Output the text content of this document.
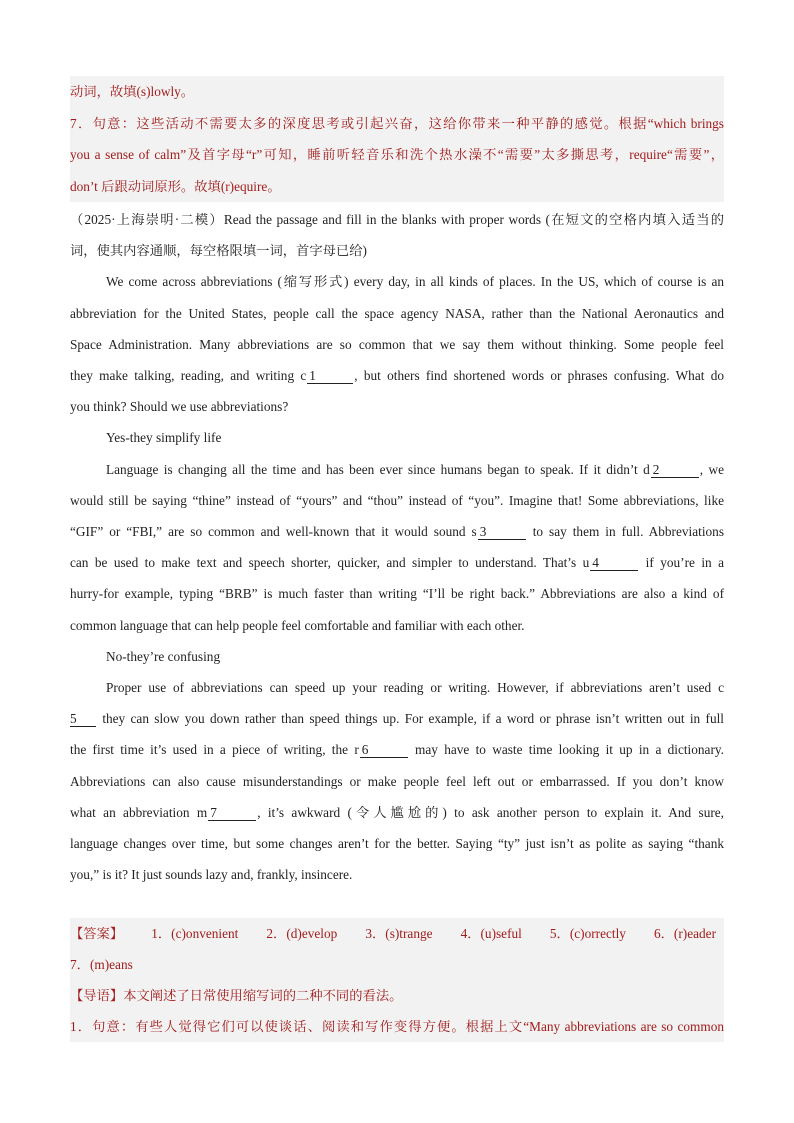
动词，故填(s)lowly。
7．句意：这些活动不需要太多的深度思考或引起兴奋，这给你带来一种平静的感觉。根据“which brings
you a sense of calm”及首字母“r”可知，睡前听轻音乐和洗个热水澡不“需要”太多撕思考，require“需要”，
don’t 后跟动词原形。故填(r)equire。
（2025·上海崇明·二模）Read the passage and fill in the blanks with proper words (在短文的空格内填入适当的
词，使其内容通顺，每空格限填一词，首字母已给)
We come across abbreviations (缩写形式) every day, in all kinds of places. In the US, which of course is an
abbreviation for the United States, people call the space agency NASA, rather than the National Aeronautics and
Space Administration. Many abbreviations are so common that we say them without thinking. Some people feel
they make talking, reading, and writing c 1	, but others find shortened words or phrases confusing. What do
you think? Should we use abbreviations?
Yes-they simplify life
Language is changing all the time and has been ever since humans began to speak. If it didn’t d 2	, we
would still be saying “thine” instead of “yours” and “thou” instead of “you”. Imagine that! Some abbreviations, like
“GIF” or “FBI,” are so common and well-known that it would sound s 3	to say them in full. Abbreviations
can be used to make text and speech shorter, quicker, and simpler to understand. That’s u 4	if you’re in a
hurry-for example, typing “BRB” is much faster than writing “I’ll be right back.” Abbreviations are also a kind of
common language that can help people feel comfortable and familiar with each other.
No-they’re confusing
Proper use of abbreviations can speed up your reading or writing. However, if abbreviations aren’t used c
5 they can slow you down rather than speed things up. For example, if a word or phrase isn’t written out in full
the first time it’s used in a piece of writing, the r 6	may have to waste time looking it up in a dictionary.
Abbreviations can also cause misunderstandings or make people feel left out or embarrassed. If you don’t know
what an abbreviation m 7	, it’s awkward (令人尴尬的) to ask another person to explain it. And sure,
language changes over time, but some changes aren’t for the better. Saying “ty” just isn’t as polite as saying “thank
you,” is it? It just sounds lazy and, frankly, insincere.
【答案】 1．(c)onvenient 2．(d)evelop 3．(s)trange 4．(u)seful 5．(c)orrectly 6．(r)eader
7．(m)eans
【导语】本文阐述了日常使用缩写词的二种不同的看法。
1．句意：有些人觉得它们可以使谈话、阅读和写作变得方便。根据上文“Many abbreviations are so common
